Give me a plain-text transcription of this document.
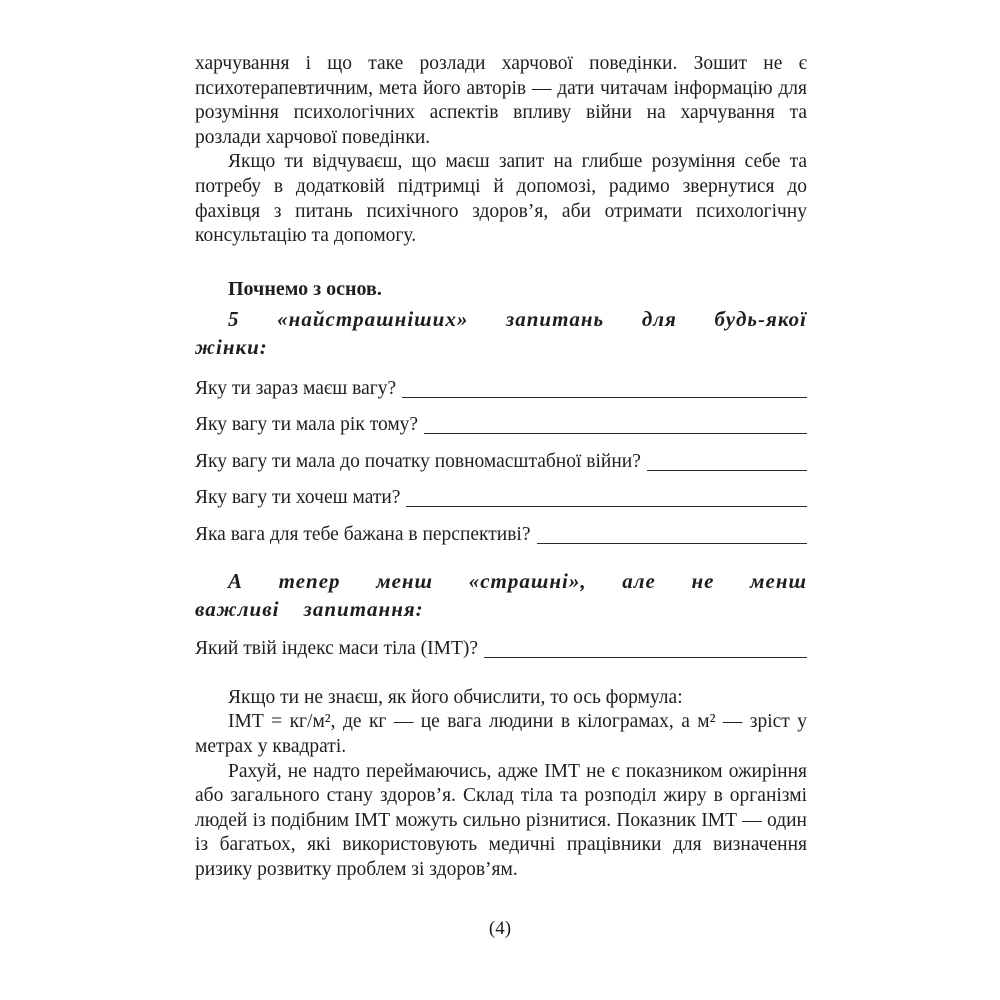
харчування і що таке розлади харчової поведінки. Зошит не є психотерапевтичним, мета його авторів — дати читачам інформацію для розуміння психологічних аспектів впливу війни на харчування та розлади харчової поведінки.

Якщо ти відчуваєш, що маєш запит на глибше розуміння себе та потребу в додатковій підтримці й допомозі, радимо звернутися до фахівця з питань психічного здоров’я, аби отримати психологічну консультацію та допомогу.

Почнемо з основ.

5 «найстрашніших» запитань для будь-якої жінки:

Яку ти зараз маєш вагу?
Яку вагу ти мала рік тому?
Яку вагу ти мала до початку повномасштабної війни?
Яку вагу ти хочеш мати?
Яка вага для тебе бажана в перспективі?

А тепер менш «страшні», але не менш важливі запитання:

Який твій індекс маси тіла (ІМТ)?

Якщо ти не знаєш, як його обчислити, то ось формула:

ІМТ = кг/м², де кг — це вага людини в кілограмах, а м² — зріст у метрах у квадраті.

Рахуй, не надто переймаючись, адже ІМТ не є показником ожиріння або загального стану здоров’я. Склад тіла та розподіл жиру в організмі людей із подібним ІМТ можуть сильно різнитися. Показник ІМТ — один із багатьох, які використовують медичні працівники для визначення ризику розвитку проблем зі здоров’ям.

(4)
